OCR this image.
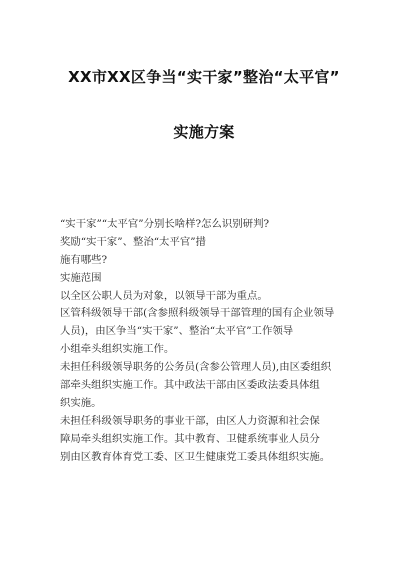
XX市XX区争当“实干家”整治“太平官”
实施方案
“实干家”“太平官”分别长啥样?怎么识别研判?
奖励“实干家”、整治“太平官”措
施有哪些?
实施范围
以全区公职人员为对象，以领导干部为重点。
区管科级领导干部(含参照科级领导干部管理的国有企业领导
人员)，由区争当“实干家”、整治“太平官”工作领导
小组牵头组织实施工作。
未担任科级领导职务的公务员(含参公管理人员),由区委组织
部牵头组织实施工作。其中政法干部由区委政法委具体组
织实施。
未担任科级领导职务的事业干部，由区人力资源和社会保
障局牵头组织实施工作。其中教育、卫健系统事业人员分
别由区教育体育党工委、区卫生健康党工委具体组织实施。
